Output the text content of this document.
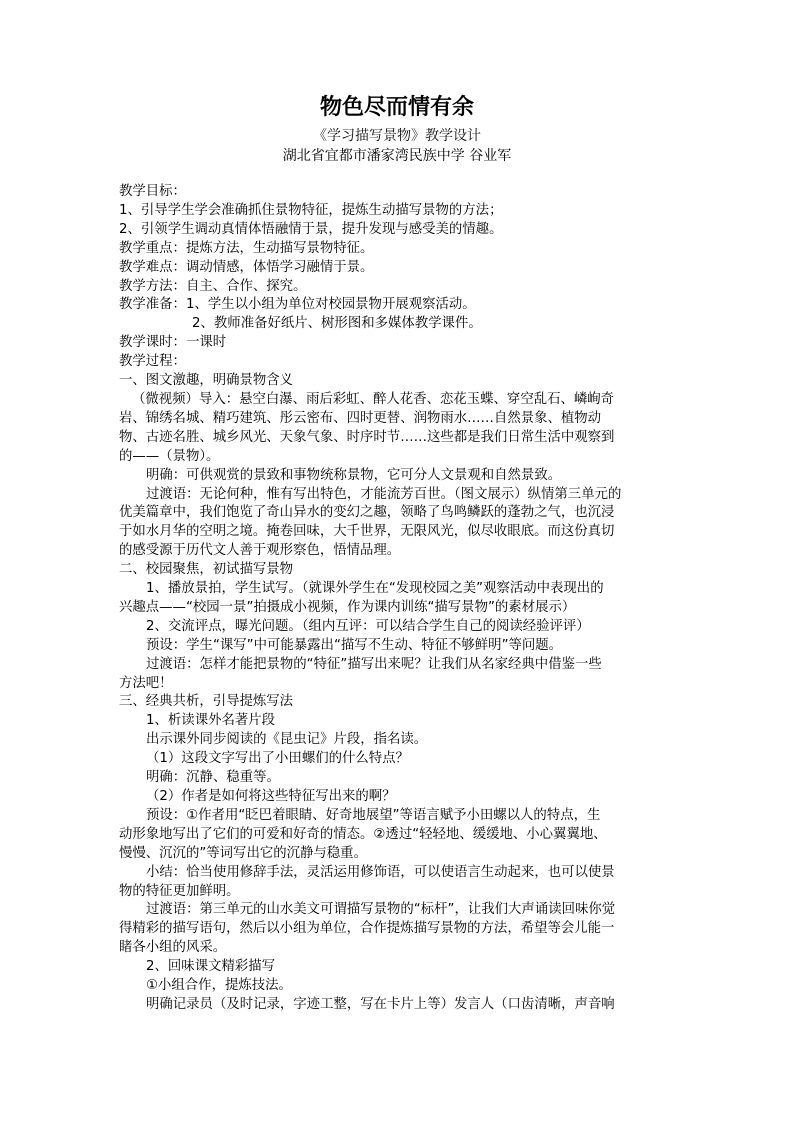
物色尽而情有余
《学习描写景物》教学设计
湖北省宜都市潘家湾民族中学 谷业军

教学目标：

1、引导学生学会准确抓住景物特征，提炼生动描写景物的方法；

2、引领学生调动真情体悟融情于景，提升发现与感受美的情趣。

教学重点：提炼方法，生动描写景物特征。

教学难点：调动情感，体悟学习融情于景。

教学方法：自主、合作、探究。

教学准备：1、学生以小组为单位对校园景物开展观察活动。

2、教师准备好纸片、树形图和多媒体教学课件。

教学课时：一课时

教学过程：

一、图文激趣，明确景物含义

（微视频）导入：悬空白瀑、雨后彩虹、醉人花香、恋花玉蝶、穿空乱石、嶙峋奇

岩、锦绣名城、精巧建筑、彤云密布、四时更替、润物雨水……自然景象、植物动

物、古迹名胜、城乡风光、天象气象、时序时节……这些都是我们日常生活中观察到

的——（景物）。

明确：可供观赏的景致和事物统称景物，它可分人文景观和自然景致。

过渡语：无论何种，惟有写出特色，才能流芳百世。（图文展示）纵情第三单元的

优美篇章中，我们饱览了奇山异水的变幻之趣，领略了鸟鸣鳞跃的蓬勃之气，也沉浸

于如水月华的空明之境。掩卷回味，大千世界，无限风光，似尽收眼底。而这份真切

的感受源于历代文人善于观形察色，悟情品理。

二、校园聚焦，初试描写景物

1、播放景拍，学生试写。（就课外学生在“发现校园之美”观察活动中表现出的

兴趣点——“校园一景”拍摄成小视频，作为课内训练“描写景物”的素材展示）

2、交流评点，曝光问题。（组内互评：可以结合学生自己的阅读经验评评）

预设：学生“课写”中可能暴露出“描写不生动、特征不够鲜明”等问题。

过渡语：怎样才能把景物的“特征”描写出来呢？让我们从名家经典中借鉴一些

方法吧！

三、经典共析，引导提炼写法

1、析读课外名著片段

出示课外同步阅读的《昆虫记》片段，指名读。

（1）这段文字写出了小田螺们的什么特点？

明确：沉静、稳重等。

（2）作者是如何将这些特征写出来的啊？

预设：①作者用“眨巴着眼睛、好奇地展望”等语言赋予小田螺以人的特点，生

动形象地写出了它们的可爱和好奇的情态。②透过“轻轻地、缓缓地、小心翼翼地、

慢慢、沉沉的”等词写出它的沉静与稳重。

小结：恰当使用修辞手法，灵活运用修饰语，可以使语言生动起来，也可以使景

物的特征更加鲜明。

过渡语：第三单元的山水美文可谓描写景物的“标杆”，让我们大声诵读回味你觉

得精彩的描写语句，然后以小组为单位，合作提炼描写景物的方法，希望等会儿能一

睹各小组的风采。

2、回味课文精彩描写

①小组合作，提炼技法。

明确记录员（及时记录，字迹工整，写在卡片上等）发言人（口齿清晰，声音响
